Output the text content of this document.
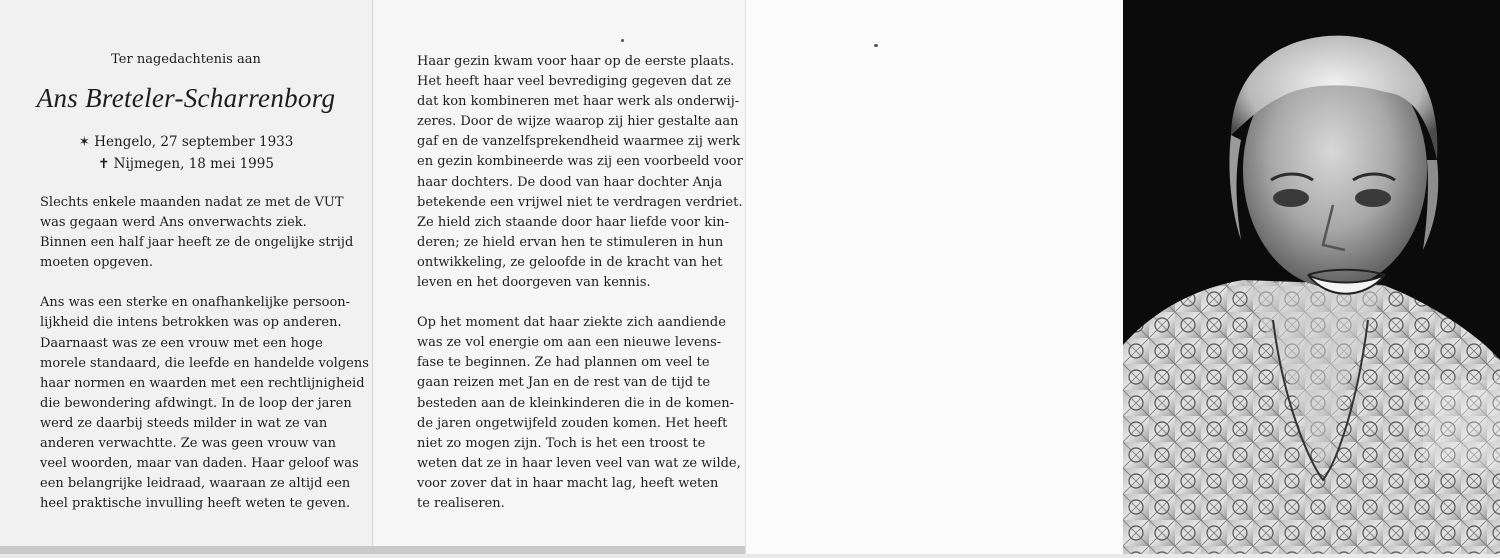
Ter nagedachtenis aan
Ans Breteler-Scharrenborg
✶ Hengelo, 27 september 1933
✝ Nijmegen, 18 mei 1995

Slechts enkele maanden nadat ze met de VUT
was gegaan werd Ans onverwachts ziek.
Binnen een half jaar heeft ze de ongelijke strijd
moeten opgeven.

Ans was een sterke en onafhankelijke persoon-
lijkheid die intens betrokken was op anderen.
Daarnaast was ze een vrouw met een hoge
morele standaard, die leefde en handelde volgens
haar normen en waarden met een rechtlijnigheid
die bewondering afdwingt. In de loop der jaren
werd ze daarbij steeds milder in wat ze van
anderen verwachtte. Ze was geen vrouw van
veel woorden, maar van daden. Haar geloof was
een belangrijke leidraad, waaraan ze altijd een
heel praktische invulling heeft weten te geven.

Haar gezin kwam voor haar op de eerste plaats.
Het heeft haar veel bevrediging gegeven dat ze
dat kon kombineren met haar werk als onderwij-
zeres. Door de wijze waarop zij hier gestalte aan
gaf en de vanzelfsprekendheid waarmee zij werk
en gezin kombineerde was zij een voorbeeld voor
haar dochters. De dood van haar dochter Anja
betekende een vrijwel niet te verdragen verdriet.
Ze hield zich staande door haar liefde voor kin-
deren; ze hield ervan hen te stimuleren in hun
ontwikkeling, ze geloofde in de kracht van het
leven en het doorgeven van kennis.

Op het moment dat haar ziekte zich aandiende
was ze vol energie om aan een nieuwe levens-
fase te beginnen. Ze had plannen om veel te
gaan reizen met Jan en de rest van de tijd te
besteden aan de kleinkinderen die in de komen-
de jaren ongetwijfeld zouden komen. Het heeft
niet zo mogen zijn. Toch is het een troost te
weten dat ze in haar leven veel van wat ze wilde,
voor zover dat in haar macht lag, heeft weten
te realiseren.
